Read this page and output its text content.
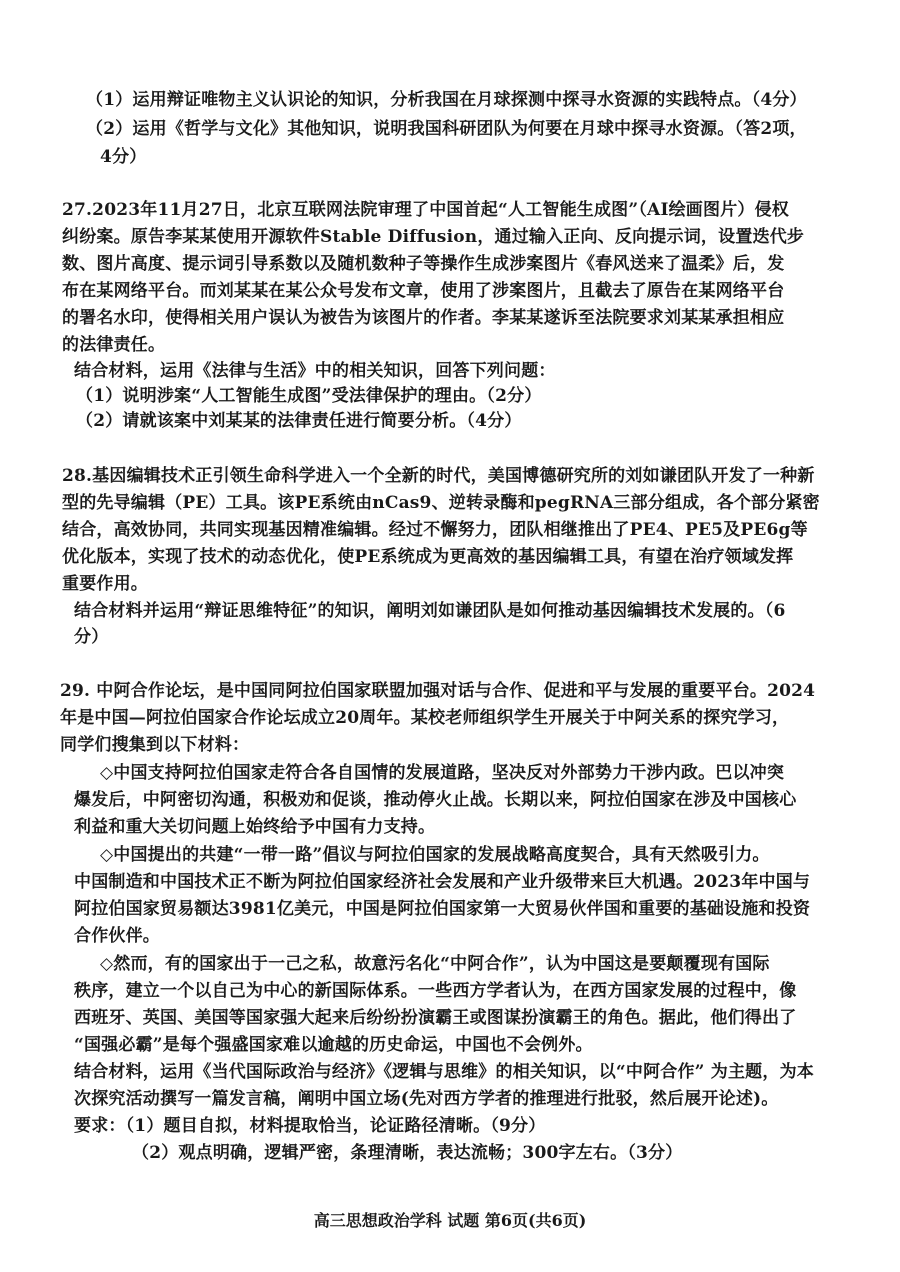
（1）运用辩证唯物主义认识论的知识，分析我国在月球探测中探寻水资源的实践特点。（4分）
（2）运用《哲学与文化》其他知识，说明我国科研团队为何要在月球中探寻水资源。（答2项，
4分）
27.2023年11月27日，北京互联网法院审理了中国首起“人工智能生成图”（AI绘画图片）侵权
纠纷案。原告李某某使用开源软件Stable Diffusion，通过输入正向、反向提示词，设置迭代步
数、图片高度、提示词引导系数以及随机数种子等操作生成涉案图片《春风送来了温柔》后，发
布在某网络平台。而刘某某在某公众号发布文章，使用了涉案图片，且截去了原告在某网络平台
的署名水印，使得相关用户误认为被告为该图片的作者。李某某遂诉至法院要求刘某某承担相应
的法律责任。
结合材料，运用《法律与生活》中的相关知识，回答下列问题：
（1）说明涉案“人工智能生成图”受法律保护的理由。（2分）
（2）请就该案中刘某某的法律责任进行简要分析。（4分）
28.基因编辑技术正引领生命科学进入一个全新的时代，美国博德研究所的刘如谦团队开发了一种新
型的先导编辑（PE）工具。该PE系统由nCas9、逆转录酶和pegRNA三部分组成，各个部分紧密
结合，高效协同，共同实现基因精准编辑。经过不懈努力，团队相继推出了PE4、PE5及PE6g等
优化版本，实现了技术的动态优化，使PE系统成为更高效的基因编辑工具，有望在治疗领域发挥
重要作用。
结合材料并运用“辩证思维特征”的知识，阐明刘如谦团队是如何推动基因编辑技术发展的。（6
分）
29. 中阿合作论坛，是中国同阿拉伯国家联盟加强对话与合作、促进和平与发展的重要平台。2024
年是中国—阿拉伯国家合作论坛成立20周年。某校老师组织学生开展关于中阿关系的探究学习，
同学们搜集到以下材料：
◇中国支持阿拉伯国家走符合各自国情的发展道路，坚决反对外部势力干涉内政。巴以冲突
爆发后，中阿密切沟通，积极劝和促谈，推动停火止战。长期以来，阿拉伯国家在涉及中国核心
利益和重大关切问题上始终给予中国有力支持。
◇中国提出的共建“一带一路”倡议与阿拉伯国家的发展战略高度契合，具有天然吸引力。
中国制造和中国技术正不断为阿拉伯国家经济社会发展和产业升级带来巨大机遇。2023年中国与
阿拉伯国家贸易额达3981亿美元，中国是阿拉伯国家第一大贸易伙伴国和重要的基础设施和投资
合作伙伴。
◇然而，有的国家出于一己之私，故意污名化“中阿合作”，认为中国这是要颠覆现有国际
秩序，建立一个以自己为中心的新国际体系。一些西方学者认为，在西方国家发展的过程中，像
西班牙、英国、美国等国家强大起来后纷纷扮演霸王或图谋扮演霸王的角色。据此，他们得出了
“国强必霸”是每个强盛国家难以逾越的历史命运，中国也不会例外。
结合材料，运用《当代国际政治与经济》《逻辑与思维》的相关知识，以“中阿合作” 为主题，为本
次探究活动撰写一篇发言稿，阐明中国立场(先对西方学者的推理进行批驳，然后展开论述)。
要求：（1）题目自拟，材料提取恰当，论证路径清晰。（9分）
（2）观点明确，逻辑严密，条理清晰，表达流畅；300字左右。（3分）
高三思想政治学科 试题 第6页(共6页)
